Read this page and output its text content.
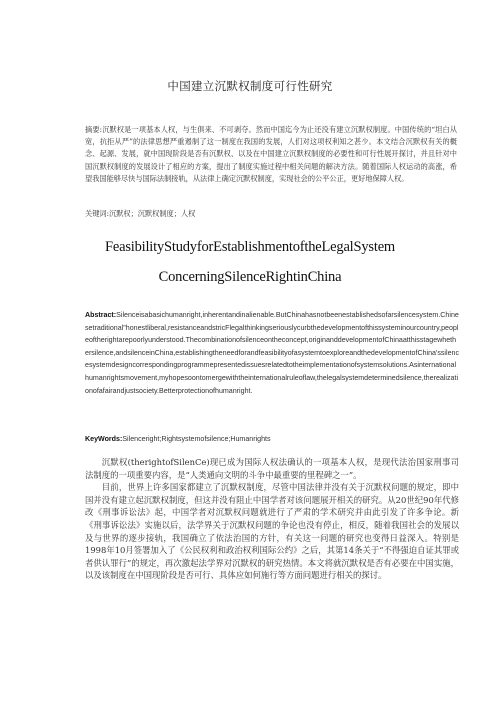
中国建立沉默权制度可行性研究
摘要:沉默权是一项基本人权，与生俱来、不可剥夺。然而中国迄今为止还没有建立沉默权制度。中国传统的“坦白从宽，抗拒从严”的法律思想严重遏制了这一制度在我国的发展，人们对这项权利知之甚少。本文结合沉默权有关的概念、起源、发展，就中国现阶段是否有沉默权、以及在中国建立沉默权制度的必要性和可行性展开探讨，并且针对中国沉默权制度的发展设计了相应的方案，提出了制度实施过程中相关问题的解决方法。随着国际人权运动的高涨，希望我国能够尽快与国际法制接轨，从法律上确定沉默权制度，实现社会的公平公正，更好地保障人权。
关键词:沉默权；沉默权制度；人权
FeasibilityStudyforEstablishmentoftheLegalSystem
ConcerningSilenceRightinChina
Abstract:Silenceisabasichumanright,inherentandinalienable.ButChinahasnotbeenestablishedsofarsilencesystem.Chinesetraditional"honestliberal,resistanceandstricFlegalthinkingseriouslycurbthedevelopmentofthissysteminourcountry,peopleoftherightarepoorlyunderstood.Thecombinationofsilenceontheconcept,originanddevelopmentofChinaatthisstagewhethersilence,andsilenceinChina,establishingtheneedforandfeasibilityofasystemtoexploreandthedevelopmentofChina'ssilencesystemdesigncorrespondingprogrammepresentedissuesrelatedtotheimplementationofsystemsolutions.Asinternationalhumanrightsmovement,myhopesoontomergewiththeinternationalruleoflaw,thelegalsystemdeterminedsilence,therealizationofafairandjustsociety.Betterprotectionofhumanright.
KeyWords:Silenceright;Rightsystemofsilence;Humanrights

沉默权(therightofSilenCe)现已成为国际人权法确认的一项基本人权，是现代法治国家刑事司法制度的一项重要内容，是“人类通向文明的斗争中最重要的里程碑之一”。

目前，世界上许多国家都建立了沉默权制度，尽管中国法律并没有关于沉默权问题的规定，即中国并没有建立起沉默权制度，但这并没有阻止中国学者对该问题展开相关的研究。从20世纪90年代修改《刑事诉讼法》起，中国学者对沉默权问题就进行了严肃的学术研究并由此引发了许多争论。新《刑事诉讼法》实施以后，法学界关于沉默权问题的争论也没有停止，相反，随着我国社会的发展以及与世界的逐步接轨，我国确立了依法治国的方针，有关这一问题的研究也变得日益深入。特别是1998年10月签署加入了《公民权利和政治权利国际公约》之后，其第14条关于“不得强迫自证其罪或者供认罪行”的规定，再次激起法学界对沉默权的研究热情。本文将就沉默权是否有必要在中国实施，以及该制度在中国现阶段是否可行、具体应如何施行等方面问题进行相关的探讨。
